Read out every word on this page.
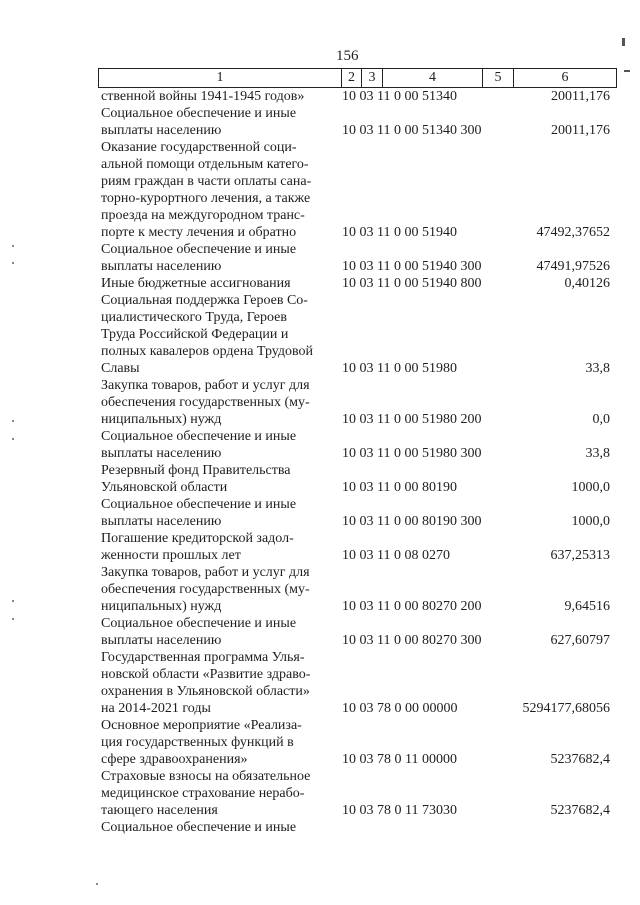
156
1	2 3	4	5	6
ственной войны 1941-1945 годов»	10 03 11 0 00 51340	20011,176
Социальное обеспечение и иные
выплаты населению	10 03 11 0 00 51340 300	20011,176
Оказание государственной соци-
альной помощи отдельным катего-
риям граждан в части оплаты сана-
торно-курортного лечения, а также
проезда на междугородном транс-
порте к месту лечения и обратно	10 03 11 0 00 51940	47492,37652
Социальное обеспечение и иные
выплаты населению	10 03 11 0 00 51940 300	47491,97526
Иные бюджетные ассигнования	10 03 11 0 00 51940 800	0,40126
Социальная поддержка Героев Со-
циалистического Труда, Героев
Труда Российской Федерации и
полных кавалеров ордена Трудовой
Славы	10 03 11 0 00 51980	33,8
Закупка товаров, работ и услуг для
обеспечения государственных (му-
ниципальных) нужд	10 03 11 0 00 51980 200	0,0
Социальное обеспечение и иные
выплаты населению	10 03 11 0 00 51980 300	33,8
Резервный фонд Правительства
Ульяновской области	10 03 11 0 00 80190	1000,0
Социальное обеспечение и иные
выплаты населению	10 03 11 0 00 80190 300	1000,0
Погашение кредиторской задол-
женности прошлых лет	10 03 11 0 08 0270	637,25313
Закупка товаров, работ и услуг для
обеспечения государственных (му-
ниципальных) нужд	10 03 11 0 00 80270 200	9,64516
Социальное обеспечение и иные
выплаты населению	10 03 11 0 00 80270 300	627,60797
Государственная программа Улья-
новской области «Развитие здраво-
охранения в Ульяновской области»
на 2014-2021 годы	10 03 78 0 00 00000	5294177,68056
Основное мероприятие «Реализа-
ция государственных функций в
сфере здравоохранения»	10 03 78 0 11 00000	5237682,4
Страховые взносы на обязательное
медицинское страхование нерабо-
тающего населения	10 03 78 0 11 73030	5237682,4
Социальное обеспечение и иные
